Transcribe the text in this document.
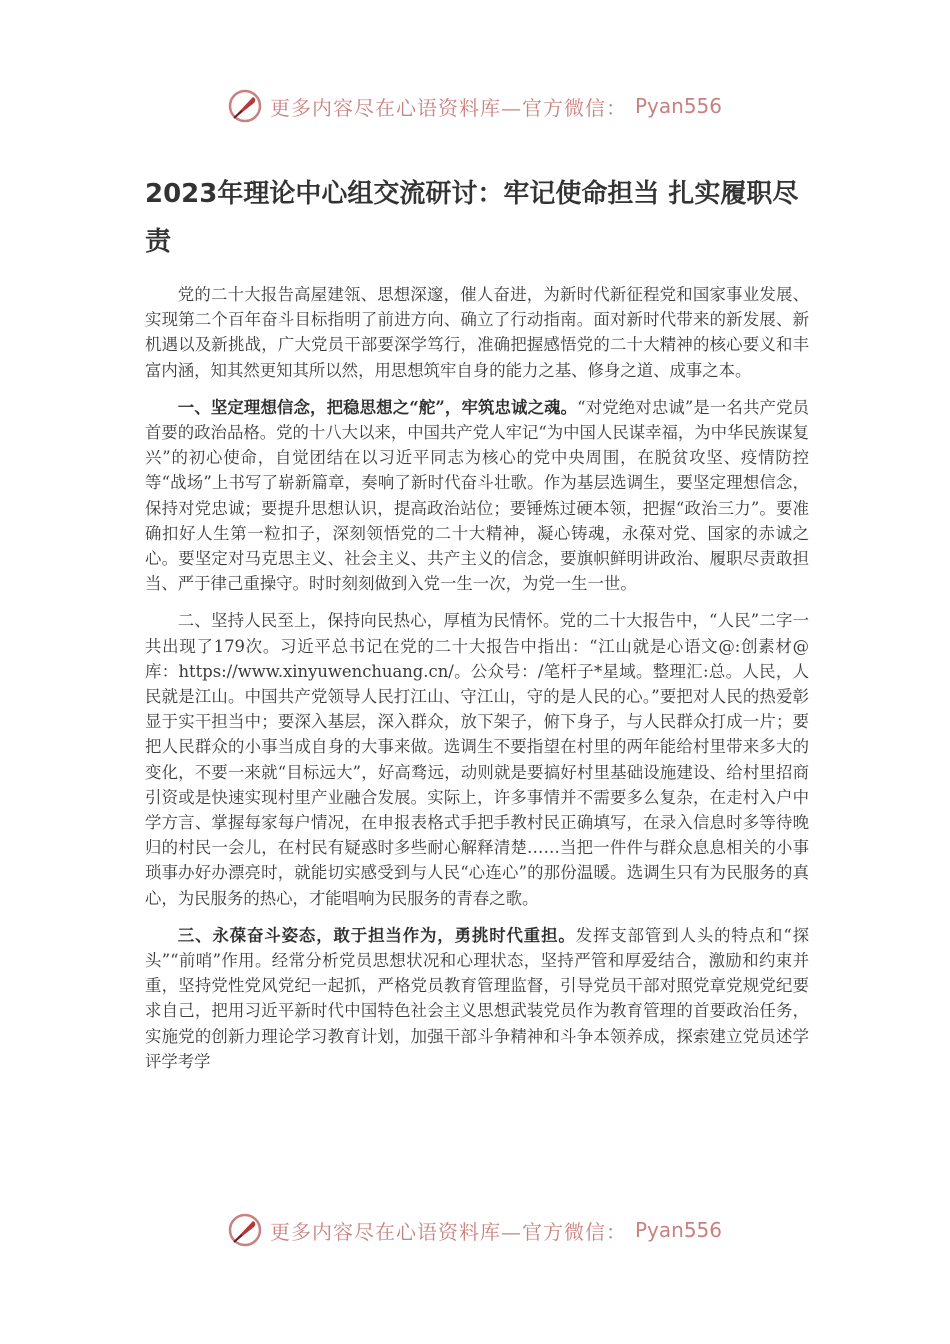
更多内容尽在心语资料库—官方微信： Pyan556
2023年理论中心组交流研讨：牢记使命担当 扎实履职尽责

党的二十大报告高屋建瓴、思想深邃，催人奋进，为新时代新征程党和国家事业发展、实现第二个百年奋斗目标指明了前进方向、确立了行动指南。面对新时代带来的新发展、新机遇以及新挑战，广大党员干部要深学笃行，准确把握感悟党的二十大精神的核心要义和丰富内涵，知其然更知其所以然，用思想筑牢自身的能力之基、修身之道、成事之本。

一、坚定理想信念，把稳思想之“舵”，牢筑忠诚之魂。“对党绝对忠诚”是一名共产党员首要的政治品格。党的十八大以来，中国共产党人牢记“为中国人民谋幸福，为中华民族谋复兴”的初心使命，自觉团结在以习近平同志为核心的党中央周围，在脱贫攻坚、疫情防控等“战场”上书写了崭新篇章，奏响了新时代奋斗壮歌。作为基层选调生，要坚定理想信念，保持对党忠诚；要提升思想认识，提高政治站位；要锤炼过硬本领，把握“政治三力”。要准确扣好人生第一粒扣子，深刻领悟党的二十大精神，凝心铸魂，永葆对党、国家的赤诚之心。要坚定对马克思主义、社会主义、共产主义的信念，要旗帜鲜明讲政治、履职尽责敢担当、严于律己重操守。时时刻刻做到入党一生一次，为党一生一世。

二、坚持人民至上，保持向民热心，厚植为民情怀。党的二十大报告中，“人民”二字一共出现了179次。习近平总书记在党的二十大报告中指出：“江山就是心语文@:创素材@库：https://www.xinyuwenchuang.cn/。公众号：/笔杆子*星域。整理汇:总。人民，人民就是江山。中国共产党领导人民打江山、守江山，守的是人民的心。”要把对人民的热爱彰显于实干担当中；要深入基层，深入群众，放下架子，俯下身子，与人民群众打成一片；要把人民群众的小事当成自身的大事来做。选调生不要指望在村里的两年能给村里带来多大的变化，不要一来就“目标远大”，好高骛远，动则就是要搞好村里基础设施建设、给村里招商引资或是快速实现村里产业融合发展。实际上，许多事情并不需要多么复杂，在走村入户中学方言、掌握每家每户情况，在申报表格式手把手教村民正确填写，在录入信息时多等待晚归的村民一会儿，在村民有疑惑时多些耐心解释清楚……当把一件件与群众息息相关的小事琐事办好办漂亮时，就能切实感受到与人民“心连心”的那份温暖。选调生只有为民服务的真心，为民服务的热心，才能唱响为民服务的青春之歌。

三、永葆奋斗姿态，敢于担当作为，勇挑时代重担。发挥支部管到人头的特点和“探头”“前哨”作用。经常分析党员思想状况和心理状态，坚持严管和厚爱结合，激励和约束并重，坚持党性党风党纪一起抓，严格党员教育管理监督，引导党员干部对照党章党规党纪要求自己，把用习近平新时代中国特色社会主义思想武装党员作为教育管理的首要政治任务，实施党的创新力理论学习教育计划，加强干部斗争精神和斗争本领养成，探索建立党员述学评学考学

更多内容尽在心语资料库—官方微信： Pyan556
